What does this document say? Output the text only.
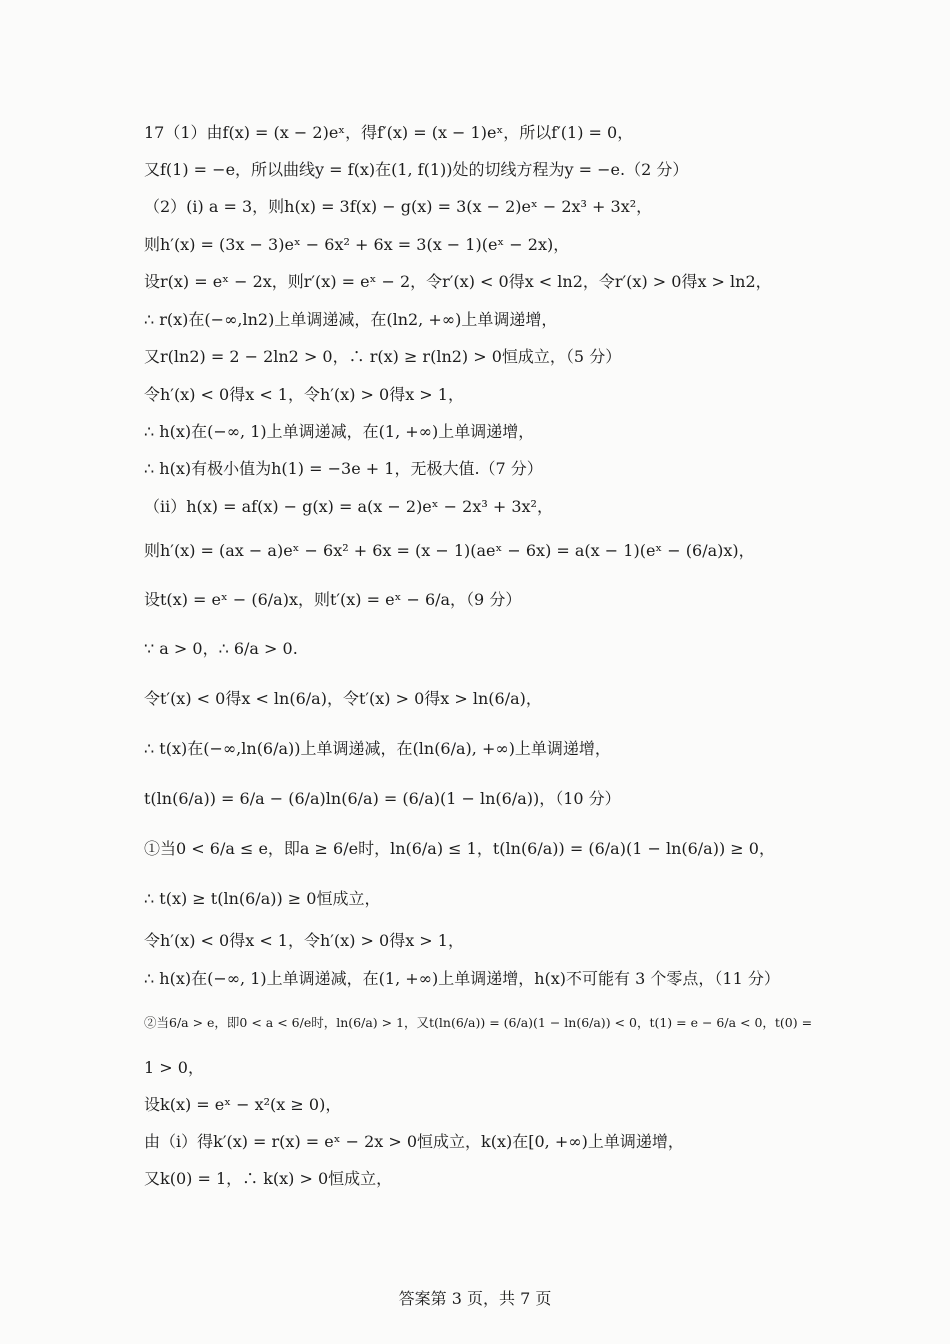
17（1）由f(x) = (x − 2)eˣ，得f′(x) = (x − 1)eˣ，所以f′(1) = 0，
又f(1) = −e，所以曲线y = f(x)在(1, f(1))处的切线方程为y = −e.（2 分）
（2）(i) a = 3，则h(x) = 3f(x) − g(x) = 3(x − 2)eˣ − 2x³ + 3x²，
则h′(x) = (3x − 3)eˣ − 6x² + 6x = 3(x − 1)(eˣ − 2x)，
设r(x) = eˣ − 2x，则r′(x) = eˣ − 2，令r′(x) < 0得x < ln2，令r′(x) > 0得x > ln2，
∴ r(x)在(−∞,ln2)上单调递减，在(ln2, +∞)上单调递增，
又r(ln2) = 2 − 2ln2 > 0，∴ r(x) ≥ r(ln2) > 0恒成立，（5 分）
令h′(x) < 0得x < 1，令h′(x) > 0得x > 1，
∴ h(x)在(−∞, 1)上单调递减，在(1, +∞)上单调递增，
∴ h(x)有极小值为h(1) = −3e + 1，无极大值.（7 分）
（ii）h(x) = af(x) − g(x) = a(x − 2)eˣ − 2x³ + 3x²，
则h′(x) = (ax − a)eˣ − 6x² + 6x = (x − 1)(aeˣ − 6x) = a(x − 1)(eˣ − (6/a)x)，
设t(x) = eˣ − (6/a)x，则t′(x) = eˣ − 6/a，（9 分）
∵ a > 0，∴ 6/a > 0.
令t′(x) < 0得x < ln(6/a)，令t′(x) > 0得x > ln(6/a)，
∴ t(x)在(−∞,ln(6/a))上单调递减，在(ln(6/a), +∞)上单调递增，
t(ln(6/a)) = 6/a − (6/a)ln(6/a) = (6/a)(1 − ln(6/a))，（10 分）
①当0 < 6/a ≤ e，即a ≥ 6/e时，ln(6/a) ≤ 1，t(ln(6/a)) = (6/a)(1 − ln(6/a)) ≥ 0，
∴ t(x) ≥ t(ln(6/a)) ≥ 0恒成立，
令h′(x) < 0得x < 1，令h′(x) > 0得x > 1，
∴ h(x)在(−∞, 1)上单调递减，在(1, +∞)上单调递增，h(x)不可能有 3 个零点，（11 分）
②当6/a > e，即0 < a < 6/e时，ln(6/a) > 1，又t(ln(6/a)) = (6/a)(1 − ln(6/a)) < 0，t(1) = e − 6/a < 0，t(0) =
1 > 0，
设k(x) = eˣ − x²(x ≥ 0)，
由（i）得k′(x) = r(x) = eˣ − 2x > 0恒成立，k(x)在[0, +∞)上单调递增，
又k(0) = 1，∴ k(x) > 0恒成立，
答案第 3 页，共 7 页
